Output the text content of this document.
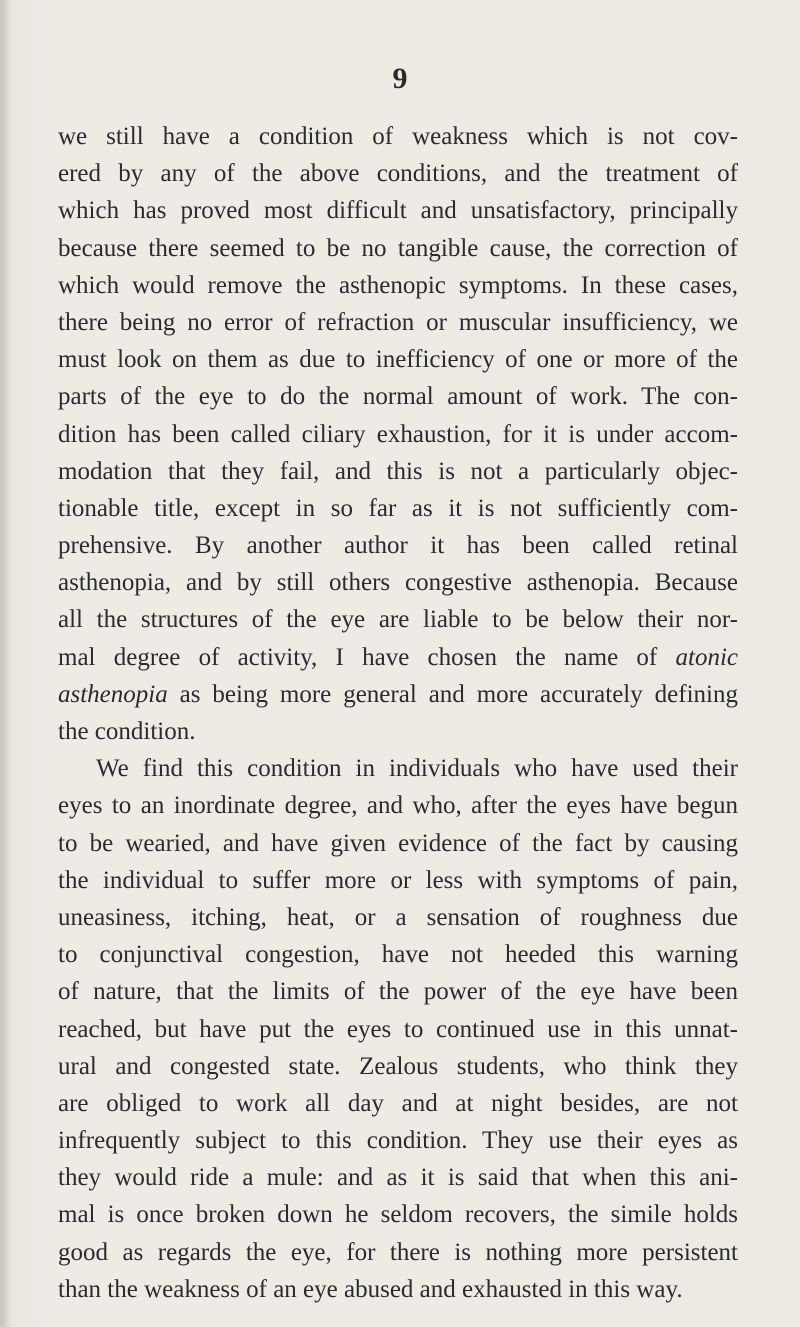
9
we still have a condition of weakness which is not cov-
ered by any of the above conditions, and the treatment of
which has proved most difficult and unsatisfactory, principally
because there seemed to be no tangible cause, the correction of
which would remove the asthenopic symptoms. In these cases,
there being no error of refraction or muscular insufficiency, we
must look on them as due to inefficiency of one or more of the
parts of the eye to do the normal amount of work. The con-
dition has been called ciliary exhaustion, for it is under accom-
modation that they fail, and this is not a particularly objec-
tionable title, except in so far as it is not sufficiently com-
prehensive. By another author it has been called retinal
asthenopia, and by still others congestive asthenopia. Because
all the structures of the eye are liable to be below their nor-
mal degree of activity, I have chosen the name of atonic
asthenopia as being more general and more accurately defining
the condition.
We find this condition in individuals who have used their
eyes to an inordinate degree, and who, after the eyes have begun
to be wearied, and have given evidence of the fact by causing
the individual to suffer more or less with symptoms of pain,
uneasiness, itching, heat, or a sensation of roughness due
to conjunctival congestion, have not heeded this warning
of nature, that the limits of the power of the eye have been
reached, but have put the eyes to continued use in this unnat-
ural and congested state. Zealous students, who think they
are obliged to work all day and at night besides, are not
infrequently subject to this condition. They use their eyes as
they would ride a mule: and as it is said that when this ani-
mal is once broken down he seldom recovers, the simile holds
good as regards the eye, for there is nothing more persistent
than the weakness of an eye abused and exhausted in this way.
